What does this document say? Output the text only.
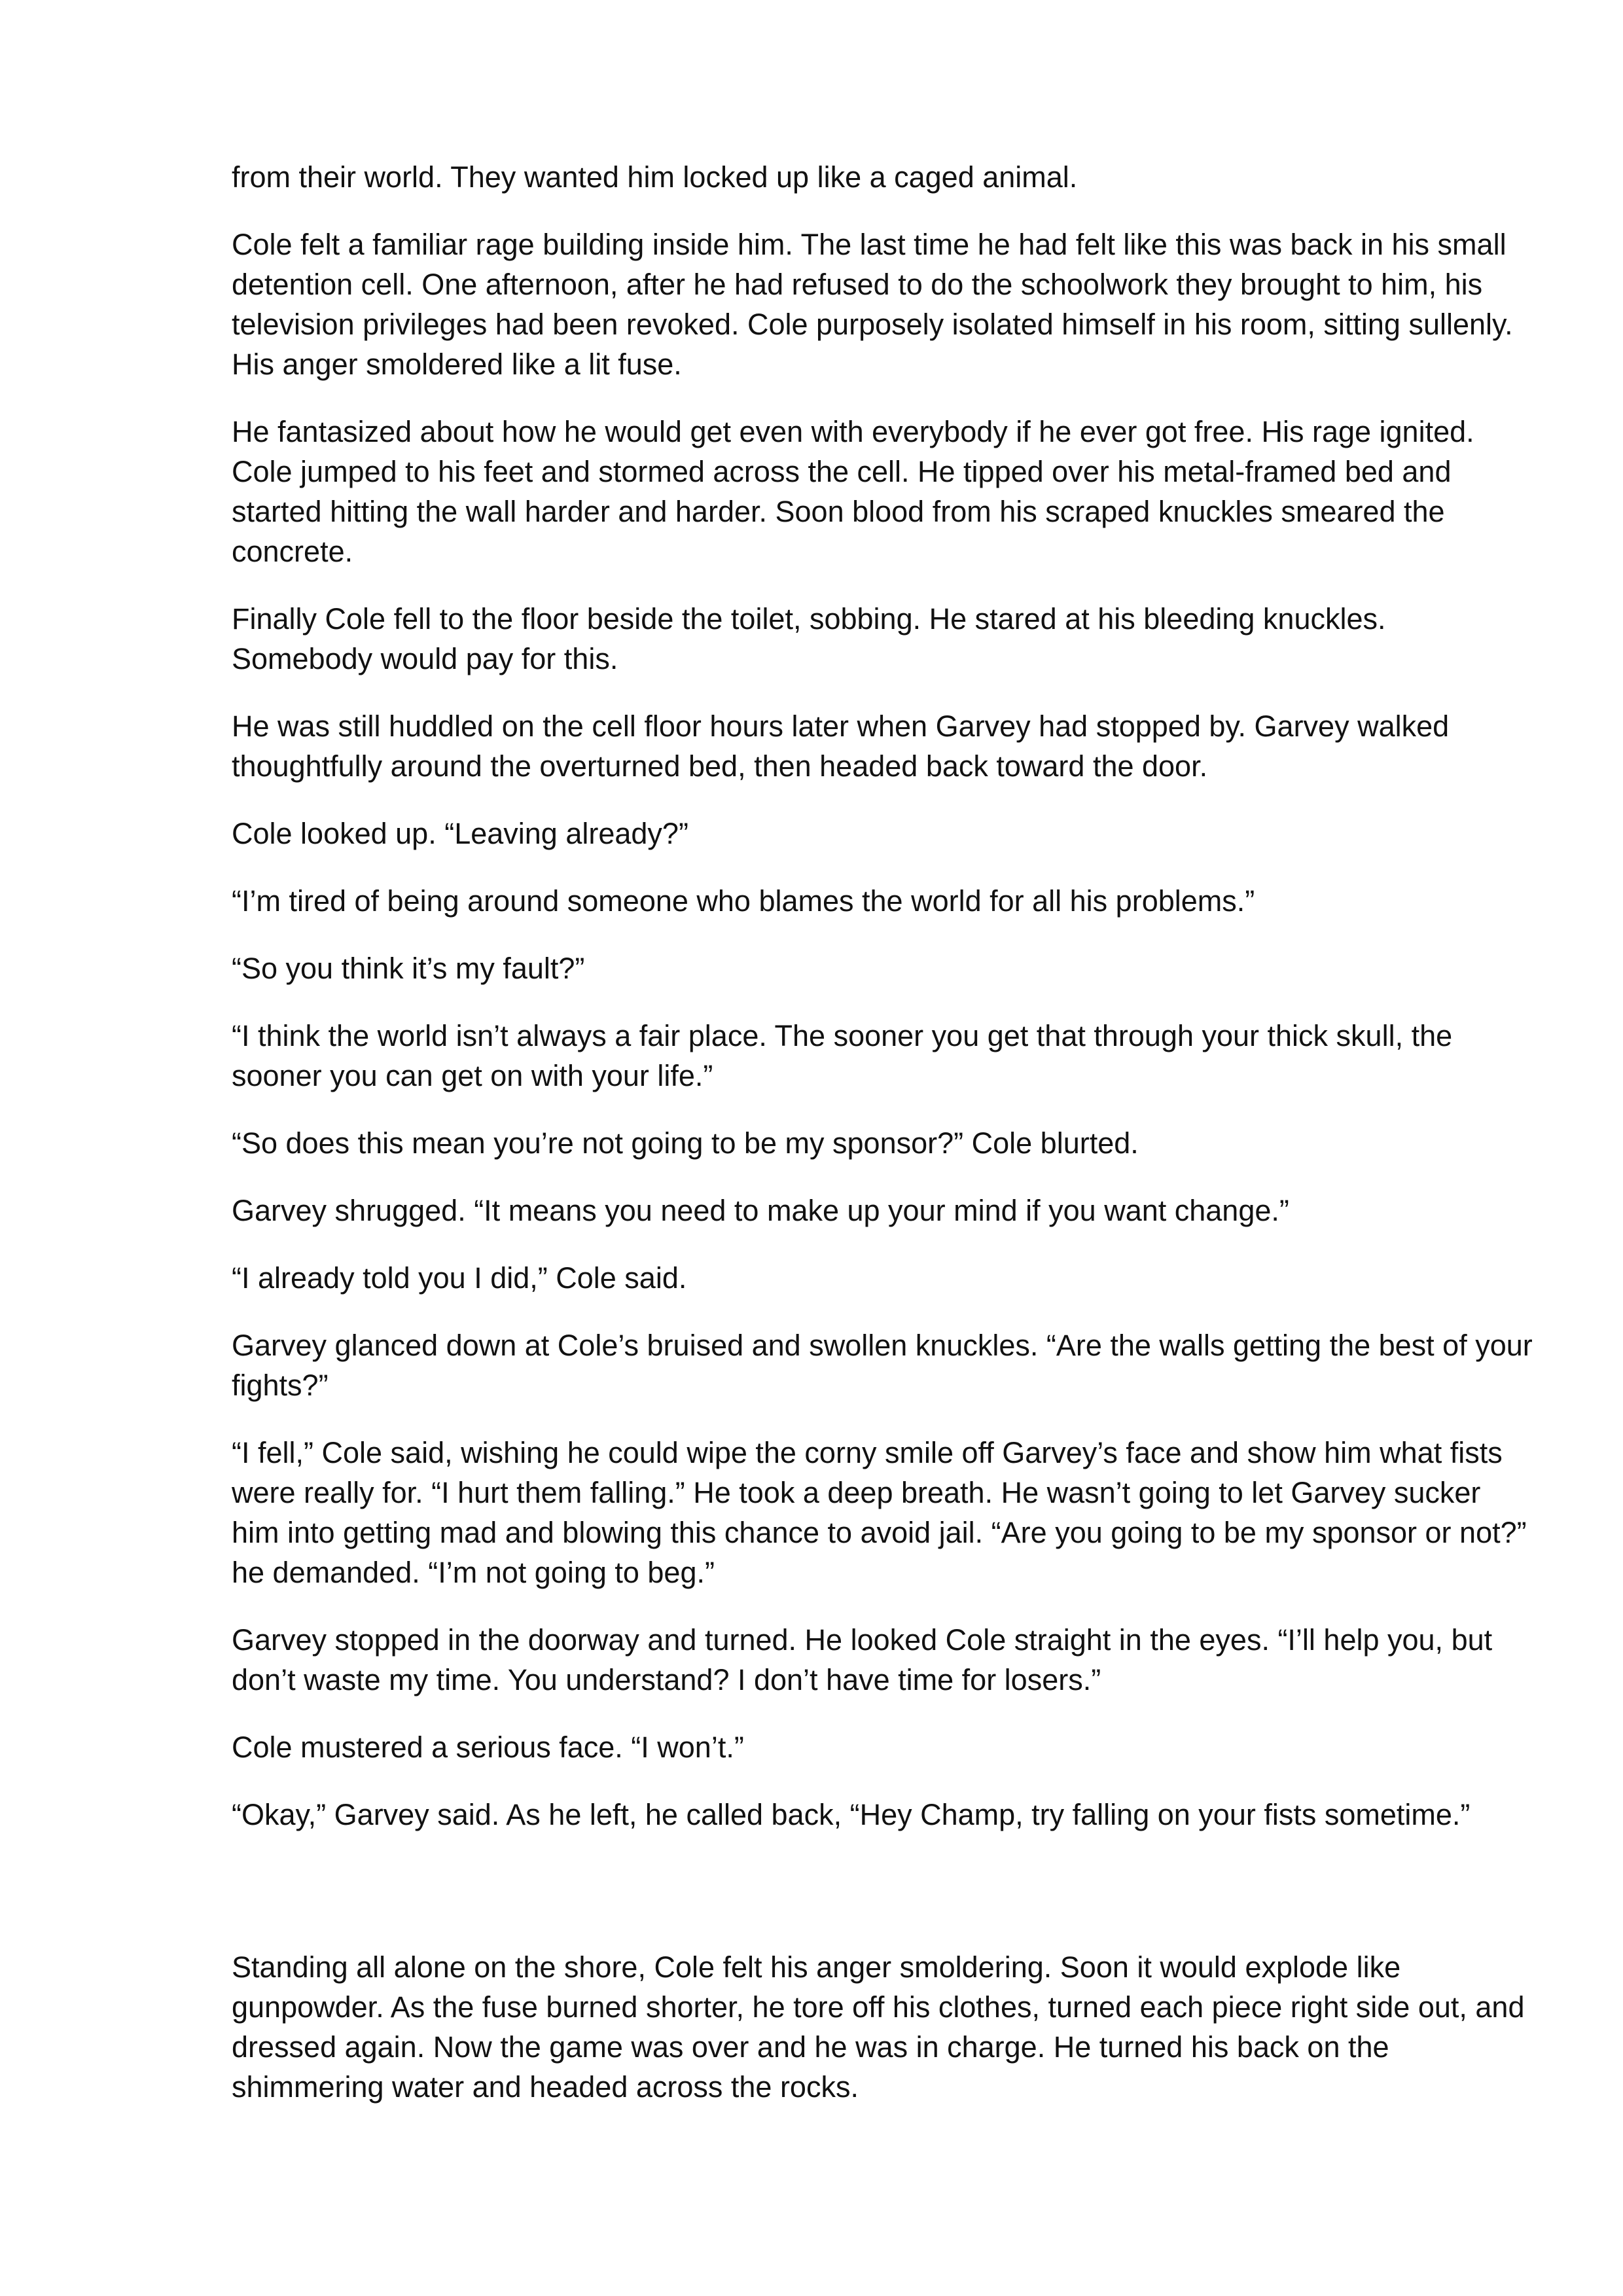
from their world. They wanted him locked up like a caged animal.

Cole felt a familiar rage building inside him. The last time he had felt like this was back in his small detention cell. One afternoon, after he had refused to do the schoolwork they brought to him, his television privileges had been revoked. Cole purposely isolated himself in his room, sitting sullenly. His anger smoldered like a lit fuse.

He fantasized about how he would get even with everybody if he ever got free. His rage ignited. Cole jumped to his feet and stormed across the cell. He tipped over his metal-framed bed and started hitting the wall harder and harder. Soon blood from his scraped knuckles smeared the concrete.

Finally Cole fell to the floor beside the toilet, sobbing. He stared at his bleeding knuckles. Somebody would pay for this.

He was still huddled on the cell floor hours later when Garvey had stopped by. Garvey walked thoughtfully around the overturned bed, then headed back toward the door.

Cole looked up. “Leaving already?”

“I’m tired of being around someone who blames the world for all his problems.”

“So you think it’s my fault?”

“I think the world isn’t always a fair place. The sooner you get that through your thick skull, the sooner you can get on with your life.”

“So does this mean you’re not going to be my sponsor?” Cole blurted.

Garvey shrugged. “It means you need to make up your mind if you want change.”

“I already told you I did,” Cole said.

Garvey glanced down at Cole’s bruised and swollen knuckles. “Are the walls getting the best of your fights?”

“I fell,” Cole said, wishing he could wipe the corny smile off Garvey’s face and show him what fists were really for. “I hurt them falling.” He took a deep breath. He wasn’t going to let Garvey sucker him into getting mad and blowing this chance to avoid jail. “Are you going to be my sponsor or not?” he demanded. “I’m not going to beg.”

Garvey stopped in the doorway and turned. He looked Cole straight in the eyes. “I’ll help you, but don’t waste my time. You understand? I don’t have time for losers.”

Cole mustered a serious face. “I won’t.”

“Okay,” Garvey said. As he left, he called back, “Hey Champ, try falling on your fists sometime.”

Standing all alone on the shore, Cole felt his anger smoldering. Soon it would explode like gunpowder. As the fuse burned shorter, he tore off his clothes, turned each piece right side out, and dressed again. Now the game was over and he was in charge. He turned his back on the shimmering water and headed across the rocks.
